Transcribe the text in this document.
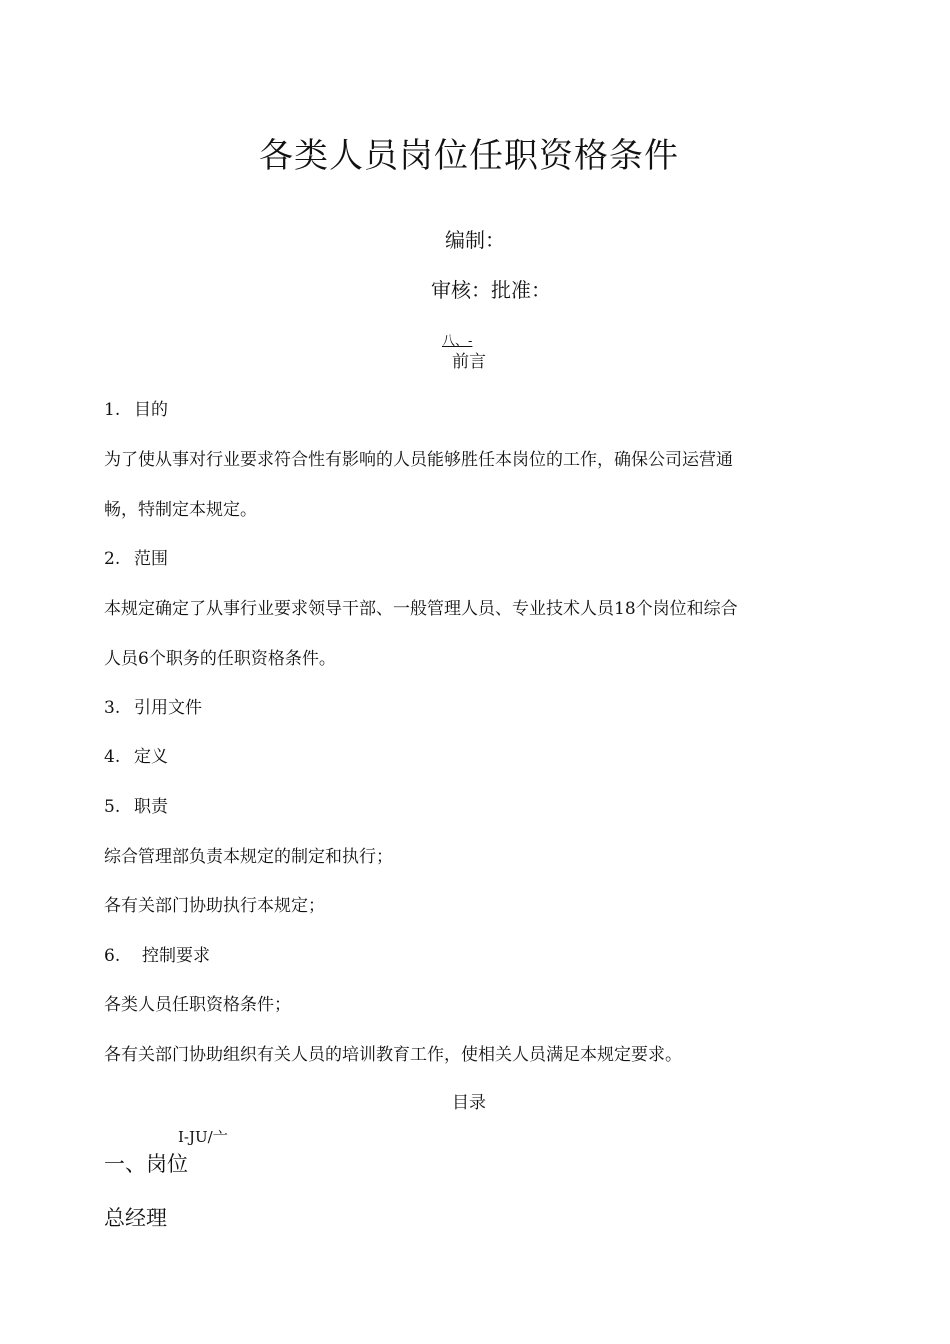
各类人员岗位任职资格条件
编制：
审核：批准：
八、-
前言
1. 目的
为了使从事对行业要求符合性有影响的人员能够胜任本岗位的工作，确保公司运营通
畅，特制定本规定。
2. 范围
本规定确定了从事行业要求领导干部、一般管理人员、专业技术人员18个岗位和综合
人员6个职务的任职资格条件。
3. 引用文件
4. 定义
5. 职责
综合管理部负责本规定的制定和执行；
各有关部门协助执行本规定；
6. 控制要求
各类人员任职资格条件；
各有关部门协助组织有关人员的培训教育工作，使相关人员满足本规定要求。
目录
I-JU/亠
一、岗位
总经理
